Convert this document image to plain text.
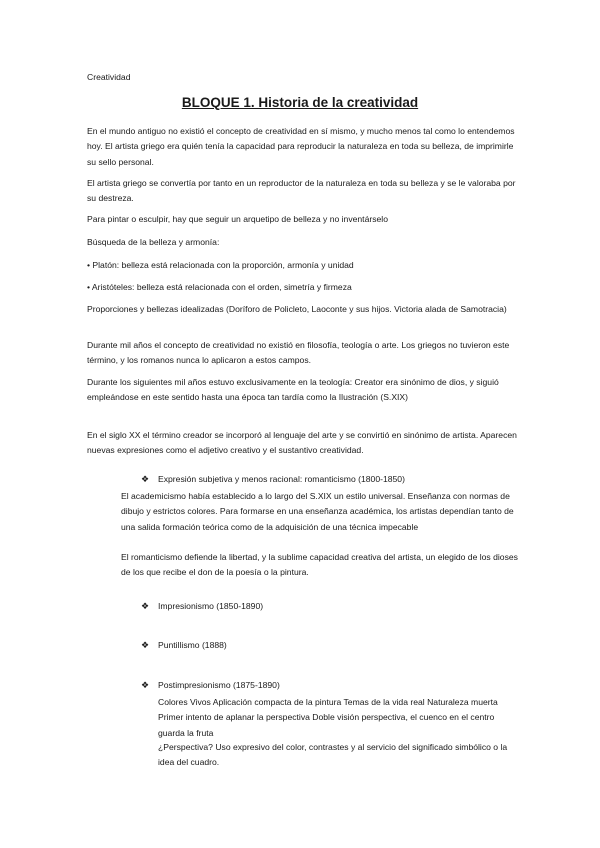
Creatividad
BLOQUE 1. Historia de la creatividad

En el mundo antiguo no existió el concepto de creatividad en sí mismo, y mucho menos tal como lo entendemos hoy. El artista griego era quién tenía la capacidad para reproducir la naturaleza en toda su belleza, de imprimirle su sello personal.

El artista griego se convertía por tanto en un reproductor de la naturaleza en toda su belleza y se le valoraba por su destreza.

Para pintar o esculpir, hay que seguir un arquetipo de belleza y no inventárselo

Búsqueda de la belleza y armonía:

• Platón: belleza está relacionada con la proporción, armonía y unidad

• Aristóteles: belleza está relacionada con el orden, simetría y firmeza

Proporciones y bellezas idealizadas (Doríforo de Policleto, Laoconte y sus hijos. Victoria alada de Samotracia)

Durante mil años el concepto de creatividad no existió en filosofía, teología o arte. Los griegos no tuvieron este término, y los romanos nunca lo aplicaron a estos campos.

Durante los siguientes mil años estuvo exclusivamente en la teología: Creator era sinónimo de dios, y siguió empleándose en este sentido hasta una época tan tardía como la Ilustración (S.XIX)

En el siglo XX el término creador se incorporó al lenguaje del arte y se convirtió en sinónimo de artista. Aparecen nuevas expresiones como el adjetivo creativo y el sustantivo creatividad.

❖ Expresión subjetiva y menos racional: romanticismo (1800-1850)

El academicismo había establecido a lo largo del S.XIX un estilo universal. Enseñanza con normas de dibujo y estrictos colores. Para formarse en una enseñanza académica, los artistas dependían tanto de una salida formación teórica como de la adquisición de una técnica impecable

El romanticismo defiende la libertad, y la sublime capacidad creativa del artista, un elegido de los dioses de los que recibe el don de la poesía o la pintura.

❖ Impresionismo (1850-1890)

❖ Puntillismo (1888)

❖ Postimpresionismo (1875-1890)

Colores Vivos Aplicación compacta de la pintura Temas de la vida real Naturaleza muerta Primer intento de aplanar la perspectiva Doble visión perspectiva, el cuenco en el centro guarda la fruta

¿Perspectiva? Uso expresivo del color, contrastes y al servicio del significado simbólico o la idea del cuadro.
